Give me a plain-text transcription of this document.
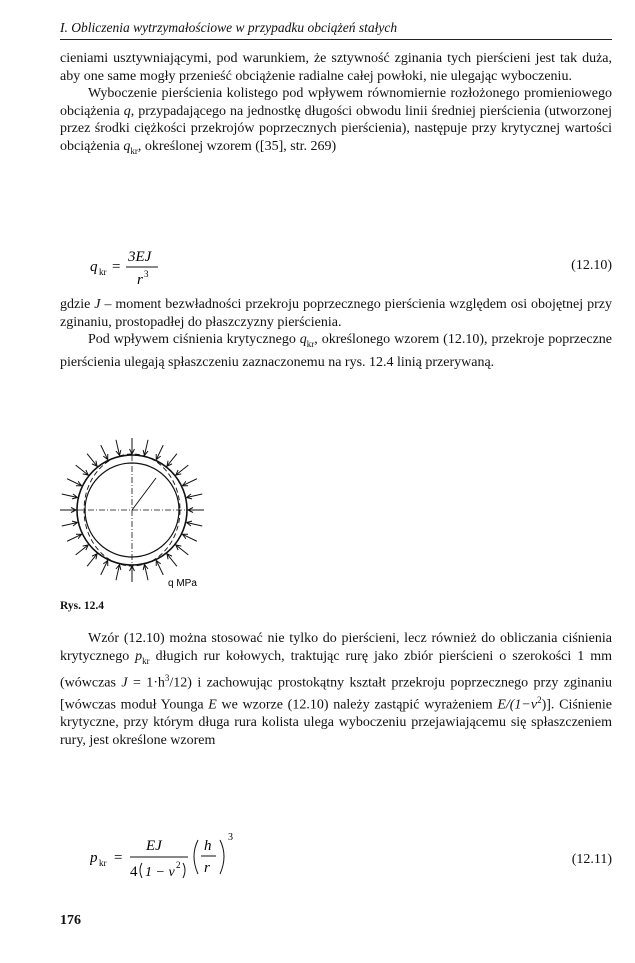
I. Obliczenia wytrzymałościowe w przypadku obciążeń stałych

cieniami usztywniającymi, pod warunkiem, że sztywność zginania tych pierścieni jest tak duża, aby one same mogły przenieść obciążenie radialne całej powłoki, nie ulegając wyboczeniu.

Wyboczenie pierścienia kolistego pod wpływem równomiernie rozłożonego promieniowego obciążenia q, przypadającego na jednostkę długości obwodu linii średniej pierścienia (utworzonej przez środki ciężkości przekrojów poprzecznych pierścienia), następuje przy krytycznej wartości obciążenia $q_{kr}$, określonej wzorem ([35], str. 269)

q kr =
3EJ
r 3
(12.10)

gdzie J – moment bezwładności przekroju poprzecznego pierścienia względem osi obojętnej przy zginaniu, prostopadłej do płaszczyzny pierścienia.

Pod wpływem ciśnienia krytycznego $q_{kr}$, określonego wzorem (12.10), przekroje poprzeczne pierścienia ulegają spłaszczeniu zaznaczonemu na rys. 12.4 linią przerywaną.

q MPa
Rys. 12.4

Wzór (12.10) można stosować nie tylko do pierścieni, lecz również do obliczania ciśnienia krytycznego $p_{kr}$ długich rur kołowych, traktując rurę jako zbiór pierścieni o szerokości 1 mm (wówczas $J = 1\cdot h^3/12$) i zachowując prostokątny kształt przekroju poprzecznego przy zginaniu [wówczas moduł Younga E we wzorze (12.10) należy zastąpić wyrażeniem $E/(1-\nu^2)$]. Ciśnienie krytyczne, przy którym długa rura kolista ulega wyboczeniu przejawiającemu się spłaszczeniem rury, jest określone wzorem

p kr =
EJ
4 1 − ν 2
h
r
3
(12.11)
176
